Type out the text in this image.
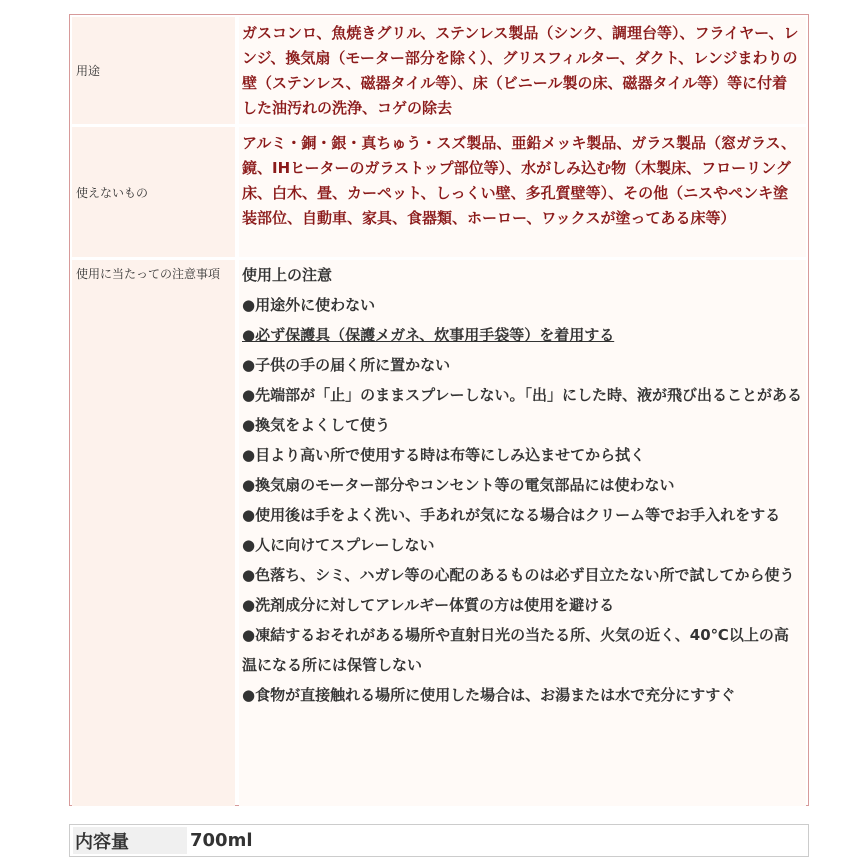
用途
ガスコンロ、魚焼きグリル、ステンレス製品（シンク、調理台等）、フライヤー、レンジ、換気扇（モーター部分を除く）、グリスフィルター、ダクト、レンジまわりの壁（ステンレス、磁器タイル等）、床（ビニール製の床、磁器タイル等）等に付着した油汚れの洗浄、コゲの除去
使えないもの
アルミ・銅・銀・真ちゅう・スズ製品、亜鉛メッキ製品、ガラス製品（窓ガラス、鏡、IHヒーターのガラストップ部位等）、水がしみ込む物（木製床、フローリング床、白木、畳、カーペット、しっくい壁、多孔質壁等）、その他（ニスやペンキ塗装部位、自動車、家具、食器類、ホーロー、ワックスが塗ってある床等）
使用に当たっての注意事項	使用上の注意
●用途外に使わない
●必ず保護具（保護メガネ、炊事用手袋等）を着用する
●子供の手の届く所に置かない
●先端部が「止」のままスプレーしない。「出」にした時、液が飛び出ることがある
●換気をよくして使う
●目より高い所で使用する時は布等にしみ込ませてから拭く
●換気扇のモーター部分やコンセント等の電気部品には使わない
●使用後は手をよく洗い、手あれが気になる場合はクリーム等でお手入れをする
●人に向けてスプレーしない
●色落ち、シミ、ハガレ等の心配のあるものは必ず目立たない所で試してから使う
●洗剤成分に対してアレルギー体質の方は使用を避ける
●凍結するおそれがある場所や直射日光の当たる所、火気の近く、40℃以上の高温になる所には保管しない
●食物が直接触れる場所に使用した場合は、お湯または水で充分にすすぐ
内容量	700ml
